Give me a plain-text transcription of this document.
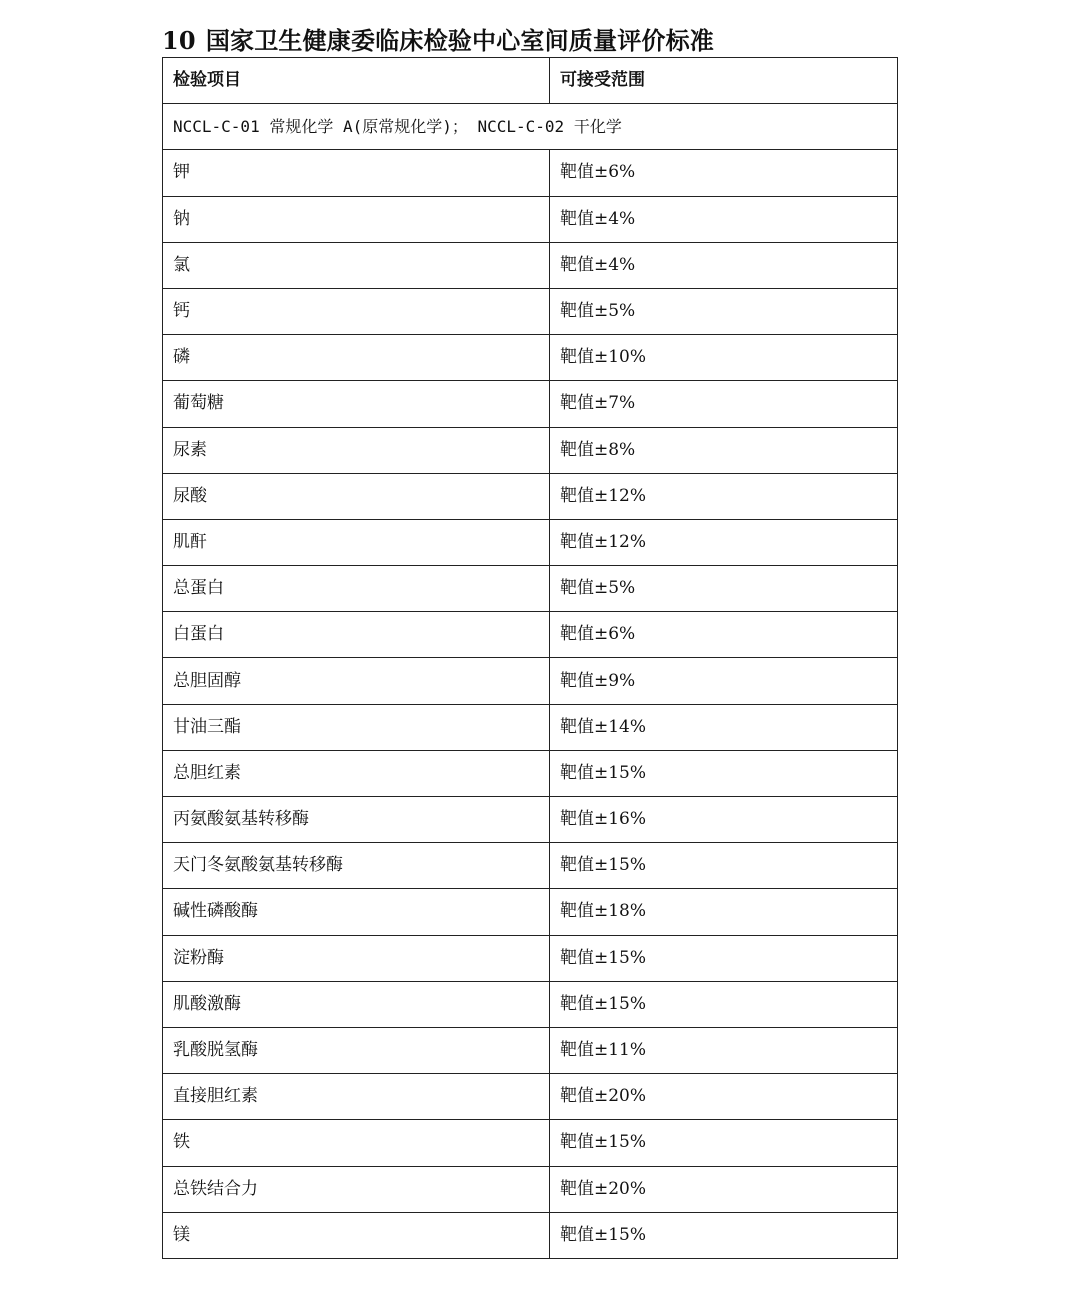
10 国家卫生健康委临床检验中心室间质量评价标准
检验项目	可接受范围
NCCL-C-01 常规化学 A(原常规化学)； NCCL-C-02 干化学	
钾	靶值±6%
钠	靶值±4%
氯	靶值±4%
钙	靶值±5%
磷	靶值±10%
葡萄糖	靶值±7%
尿素	靶值±8%
尿酸	靶值±12%
肌酐	靶值±12%
总蛋白	靶值±5%
白蛋白	靶值±6%
总胆固醇	靶值±9%
甘油三酯	靶值±14%
总胆红素	靶值±15%
丙氨酸氨基转移酶	靶值±16%
天门冬氨酸氨基转移酶	靶值±15%
碱性磷酸酶	靶值±18%
淀粉酶	靶值±15%
肌酸激酶	靶值±15%
乳酸脱氢酶	靶值±11%
直接胆红素	靶值±20%
铁	靶值±15%
总铁结合力	靶值±20%
镁	靶值±15%
